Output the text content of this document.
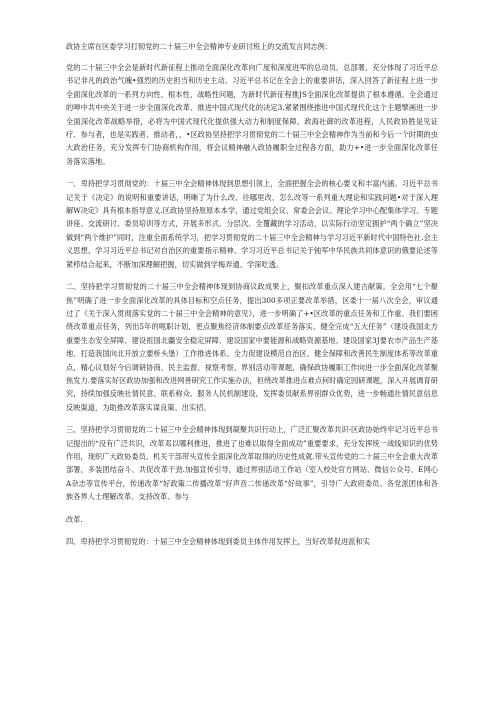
政协主席在区委学习打彻党的二十届三中全会精神专业研讨班上的交流发言同志例：

党的二十届三中全会是新时代新征程上推动全面深化改革向广度和深度进军的总动员、总部署，充分体现了习近平总书记非凡的政治气魄•强烈的历史担当和历史主动。习近平总书记在全会上的重要讲话，深入回答了新征程上进一步全面深化改革的一系列方向性、根本性、战略性问题，为新时代新征程推JS全面深化改革提供了根本遵循。全会通过的呻中共中央关于进一步全面深化改革、推进中国式现代化的决定3,紧紧围绕推进中国式现代化这个主题擘画进一步全面深化改革战略举措，必将为中国式现代化提供强大动力和制度保障。政海社御的改革进程，人民政协胜是见证疗、参与者，也是实践者、推动者，，•区政协坚持把学习贯彻党的二十届三中全会精神作为当前和今后一个时期的虫大政治任务，充分发挥专门协商机构作用，将会议精神融入政协履职全过程各方面，助力+•进一步全面深化改革任务落实落地。

一、卑持把学习贯彻党的：十届三中全会精神体现到思想引领上，全面把握全会的核心要义和丰富内涵。习近平总书记关于《决定》的说明和重要讲话，明晰了为什么改、往哪里改、怎么改等一系列重大理论和实践问题•对于深入理解W决定》具有根本指导意义.区政协坚持原原本本学，通过党组会议、常委会会议、理论学习中心配集体学习、专题讲座、交流研讨、委员培训等方式，开展多形式、分层次、全覆藏的学习活动，以实际行动坚定拥护“两个确立”坚决做到“两个维护”同时，注重全面系统学习，把学习贯彻党的二十届三中全会精神与学习习近平新时代中国特色社.会主义思想、学习习近平总书记对自治区的重要指示精神、学习习近平总书记关于钝军中华民族共同体意识的俄要论述等紧栉结合起来，不断加深理解把握，切实做到学梅弄通、学深吃透。

二、坚持把学习贯彻党的二十届三中全会精神体现到协商议政成果上，聚扣改革重点深入建古献策。全会用“七个聚焦”明确了进一步全面深化改革的具体目标和空点任务，提出300多项正要改革举措，区委十一届八次全会，审议通过了《关于深入贯彻落实党的二十届三中全会精神的意见》，进一步明确了+•区改革的重点任务和工作重、我们要困绕改革重点任务，列出5年的呃职计划，更点聚焦经济体制要点改革任务落实、健全完成“五大任务”（建设我国北方重要生态安全屏障、建设祖国北疆安全稳定屏障、建设国家中要能源和战略资源基地、建设国家3J要农市产品生产基地、打造我国向北开放立要桥头堡）工作推进体系、全力促建设模范自治区、健全保障和改善民生制度体系等改革重点，精心议划好今后调研协商、民主监督、视察考察、界别活动等课题，确保政协履职工作向进一步全面深化改革聚焦发力.要落实好区政协加强和改进网善研究工作实施办法，但绕改革推进点难点何时确定园研课题，深入开展调育研究，持续加强反映社情民意、联系称众、服务人民机制建设，发挥委员献系界别群众优势，进一步畅通社情民意信息反映渠道，为助推改革落实谋良策、出实招。

三、坚持把学习贯彻党的二十届三中全会精神体现到凝聚共识行动上，广泛汇聚改革共识-区政协始终牢记习近平总书记提出的“没有广泛共识，改革邓以哪利推进，推进了也难以取得全面成功”重要要求，充分发挥统一战线知识的优势作用，现织广大政协委员、机关干部带头宣传全面深化改革取得的历史性成就.带头宣传党的二十届三中全会重大改革部署，多装团结奋斗、共促改革干劲.加强宣传引导，通过界别活动工作站（室入校处官方网站、微信公众号、E网心A杂志等宣传平台，传递改革“好政策二传播改革“好声音二传递改革“好故事”，引导广大政府委员、各党派团体和各族各界人士理解改革、支持改革、参与

改革.

四、卑持把学习贯彻党的：十届三中全会精神体现到委员主体作用发挥上，当好改革促进派和实
